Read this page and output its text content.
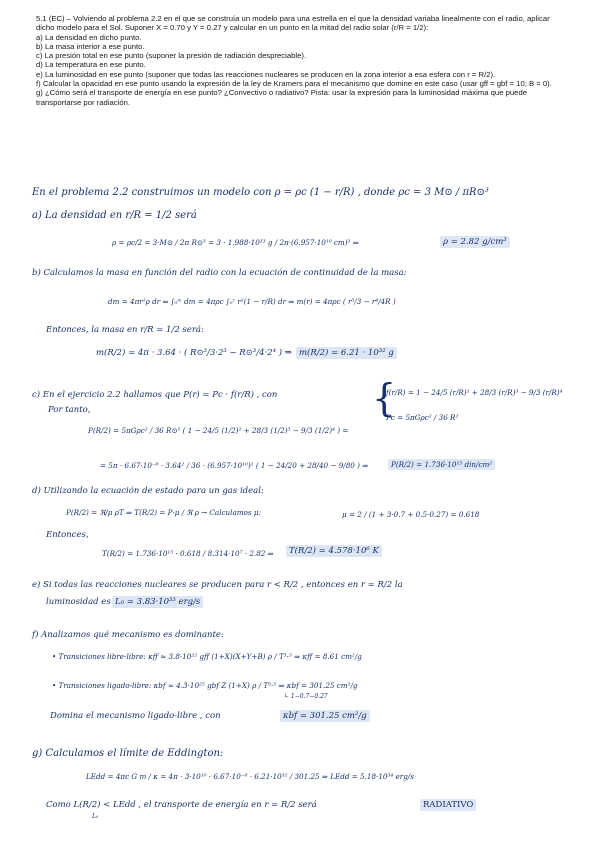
5.1 (EC) – Volviendo al problema 2.2 en el que se construía un modelo para una estrella en el que la densidad variaba linealmente con el radio, aplicar dicho modelo para el Sol. Suponer X = 0.70 y Y = 0.27 y calcular en un punto en la mitad del radio solar (r/R = 1/2):

a) La densidad en dicho punto.

b) La masa interior a ese punto.

c) La presión total en ese punto (suponer la presión de radiación despreciable).

d) La temperatura en ese punto.

e) La luminosidad en ese punto (suponer que todas las reacciones nucleares se producen en la zona interior a esa esfera con r = R/2).

f) Calcular la opacidad en ese punto usando la expresión de la ley de Kramers para el mecanismo que domine en este caso (usar gff = gbf = 10; B = 0).

g) ¿Cómo será el transporte de energía en ese punto? ¿Convectivo o radiativo? Pista: usar la expresión para la luminosidad máxima que puede transportarse por radiación.

En el problema 2.2 construimos un modelo con ρ = ρc (1 − r/R) , donde ρc = 3 M⊙ / πR⊙³
a) La densidad en r/R = 1/2 será
ρ = ρc/2 = 3·M⊙ / 2π R⊙³ = 3 · 1.988·10³³ g / 2π·(6.957·10¹⁰ cm)³ ⇒	ρ = 2.82 g/cm³
b) Calculamos la masa en función del radio con la ecuación de continuidad de la masa:
dm = 4πr²ρ dr ⇒ ∫₀ᵐ dm = 4πρc ∫₀ʳ r²(1 − r/R) dr ⇒ m(r) = 4πρc ( r³/3 − r⁴/4R )
Entonces, la masa en r/R = 1/2 será:
m(R/2) = 4π · 3.64 · ( R⊙³/3·2³ − R⊙³/4·2⁴ ) ⇒ m(R/2) = 6.21 · 10³² g
c) En el ejercicio 2.2 hallamos que P(r) = Pc · f(r/R) , con
Por tanto,	{
f(r/R) = 1 − 24/5 (r/R)² + 28/3 (r/R)³ − 9/3 (r/R)⁴
Pc = 5πGρc² / 36 R²
P(R/2) = 5πGρc² / 36 R⊙² ( 1 − 24/5 (1/2)² + 28/3 (1/2)³ − 9/3 (1/2)⁴ ) =
= 5π · 6.67·10⁻⁸ · 3.64² / 36 · (6.957·10¹⁰)² ( 1 − 24/20 + 28/40 − 9/80 ) ⇒	P(R/2) = 1.736·10¹⁵ din/cm²
d) Utilizando la ecuación de estado para un gas ideal:
P(R/2) = ℜ/μ ρT ⇒ T(R/2) = P·μ / ℜ ρ → Calculamos μ:	μ = 2 / (1 + 3·0.7 + 0.5·0.27) = 0.618
Entonces,
T(R/2) = 1.736·10¹⁵ · 0.618 / 8.314·10⁷ · 2.82 ⇒	T(R/2) = 4.578·10⁶ K
e) Si todas las reacciones nucleares se producen para r < R/2 , entonces en r = R/2 la
luminosidad es L₀ = 3.83·10³³ erg/s
f) Analizamos qué mecanismo es dominante:
• Transiciones libre-libre: κff ≈ 3.8·10²² gff (1+X)(X+Y+B) ρ / T³·⁵ ⇒ κff = 8.61 cm²/g
• Transiciones ligado-libre: κbf ≈ 4.3·10²⁵ gbf Z (1+X) ρ / T³·⁵ ⇒ κbf = 301.25 cm²/g
↳ 1−0.7−0.27
Domina el mecanismo ligado-libre , con	κbf = 301.25 cm²/g
g) Calculamos el límite de Eddington:
LEdd = 4πc G m / κ = 4π · 3·10¹⁰ · 6.67·10⁻⁸ · 6.21·10³² / 301.25 ⇒ LEdd = 5.18·10³⁴ erg/s
Como L(R/2) < LEdd , el transporte de energía en r = R/2 será
L₀
RADIATIVO
